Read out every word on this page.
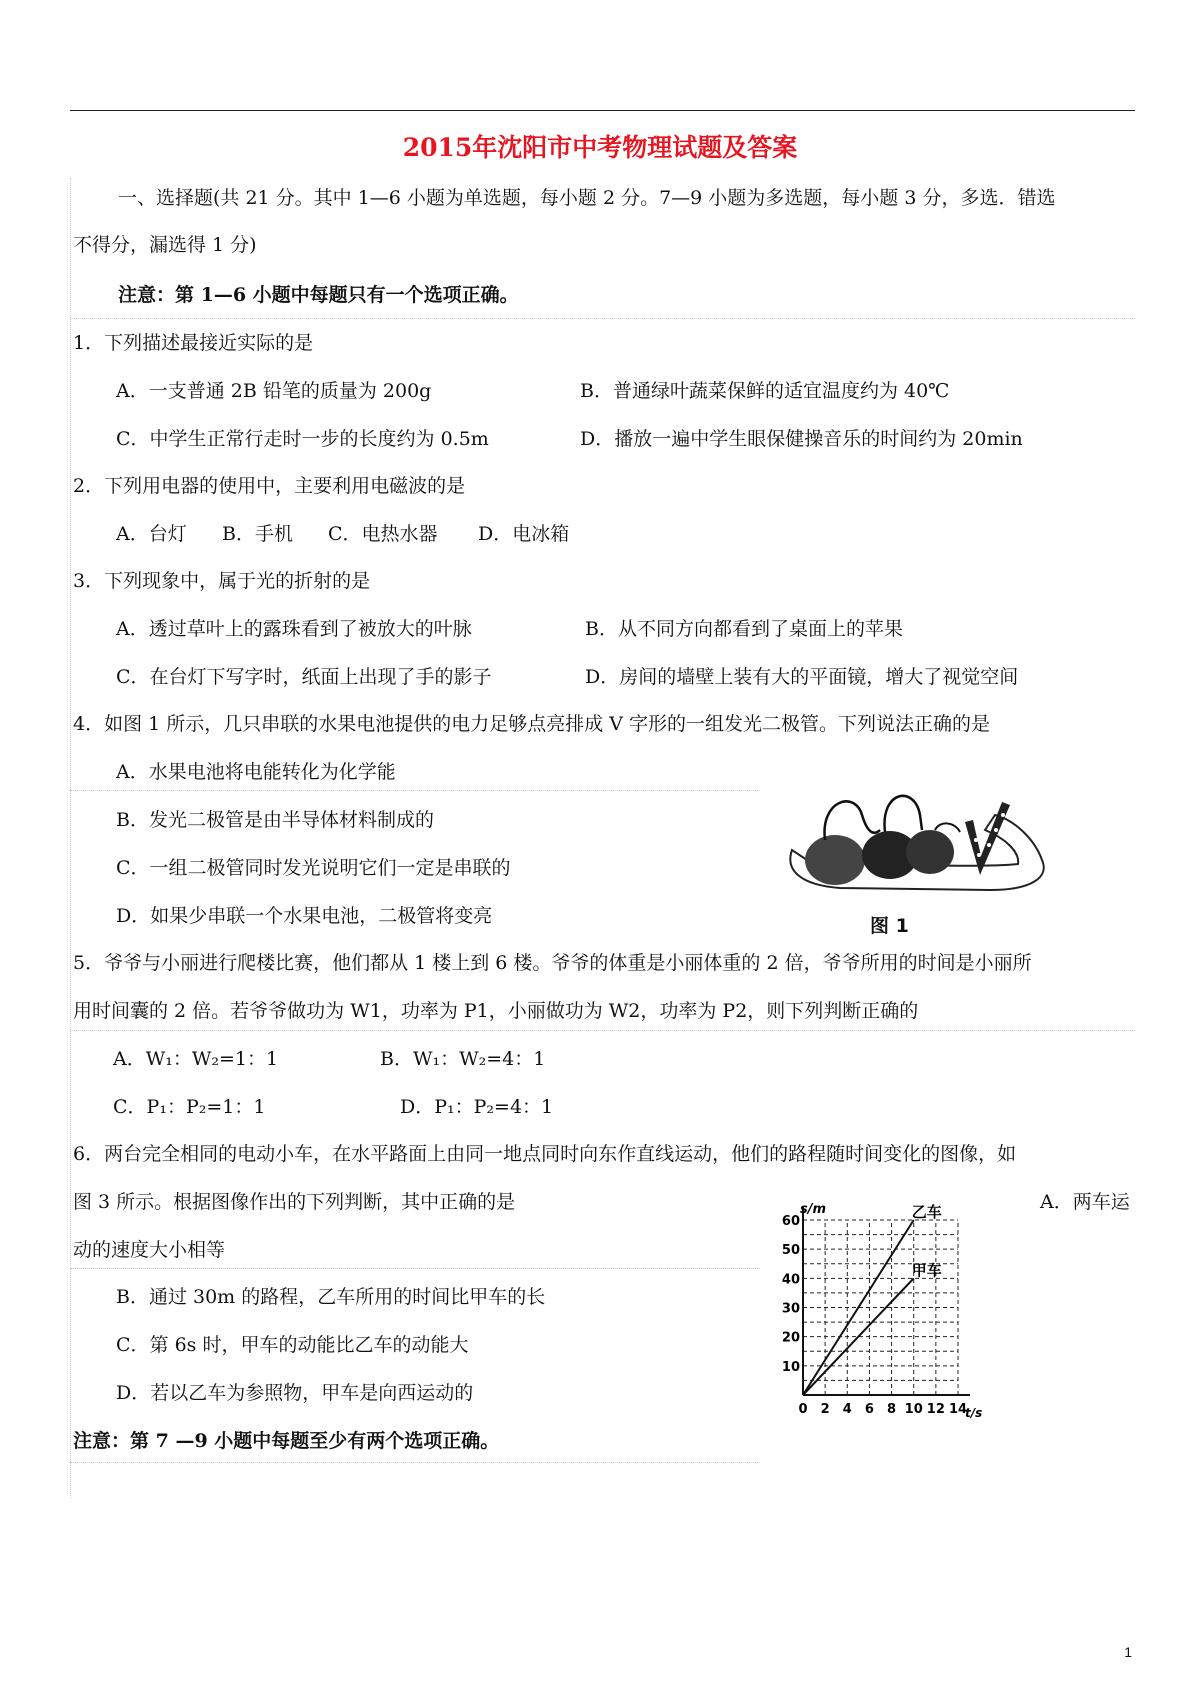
2015年沈阳市中考物理试题及答案
一、选择题(共 21 分。其中 1—6 小题为单选题，每小题 2 分。7—9 小题为多选题，每小题 3 分，多选．错选
不得分，漏选得 1 分)
注意：第 1—6 小题中每题只有一个选项正确。
1．下列描述最接近实际的是
A．一支普通 2B 铅笔的质量为 200g	B．普通绿叶蔬菜保鲜的适宜温度约为 40℃
C．中学生正常行走时一步的长度约为 0.5m	D．播放一遍中学生眼保健操音乐的时间约为 20min
2．下列用电器的使用中，主要利用电磁波的是
A．台灯 B．手机 C．电热水器 D．电冰箱
3．下列现象中，属于光的折射的是
A．透过草叶上的露珠看到了被放大的叶脉	B．从不同方向都看到了桌面上的苹果
C．在台灯下写字时，纸面上出现了手的影子	D．房间的墙壁上装有大的平面镜，增大了视觉空间
4．如图 1 所示，几只串联的水果电池提供的电力足够点亮排成 V 字形的一组发光二极管。下列说法正确的是
A．水果电池将电能转化为化学能
B．发光二极管是由半导体材料制成的
C．一组二极管同时发光说明它们一定是串联的
D．如果少串联一个水果电池，二极管将变亮	图 1
5．爷爷与小丽进行爬楼比赛，他们都从 1 楼上到 6 楼。爷爷的体重是小丽体重的 2 倍，爷爷所用的时间是小丽所
用时间囊的 2 倍。若爷爷做功为 W1，功率为 P1，小丽做功为 W2，功率为 P2，则下列判断正确的
A．W₁：W₂=1：1	B．W₁：W₂=4：1
C．P₁：P₂=1：1	D．P₁：P₂=4：1
6．两台完全相同的电动小车，在水平路面上由同一地点同时向东作直线运动，他们的路程随时间变化的图像，如
图 3 所示。根据图像作出的下列判断，其中正确的是	A．两车运
动的速度大小相等
B．通过 30m 的路程，乙车所用的时间比甲车的长
C．第 6s 时，甲车的动能比乙车的动能大
D．若以乙车为参照物，甲车是向西运动的
注意：第 7 —9 小题中每题至少有两个选项正确。
0 2 4 6 8 10 12 14
10
20
30
40
50
60
乙车
甲车
s/m
t/s
1
